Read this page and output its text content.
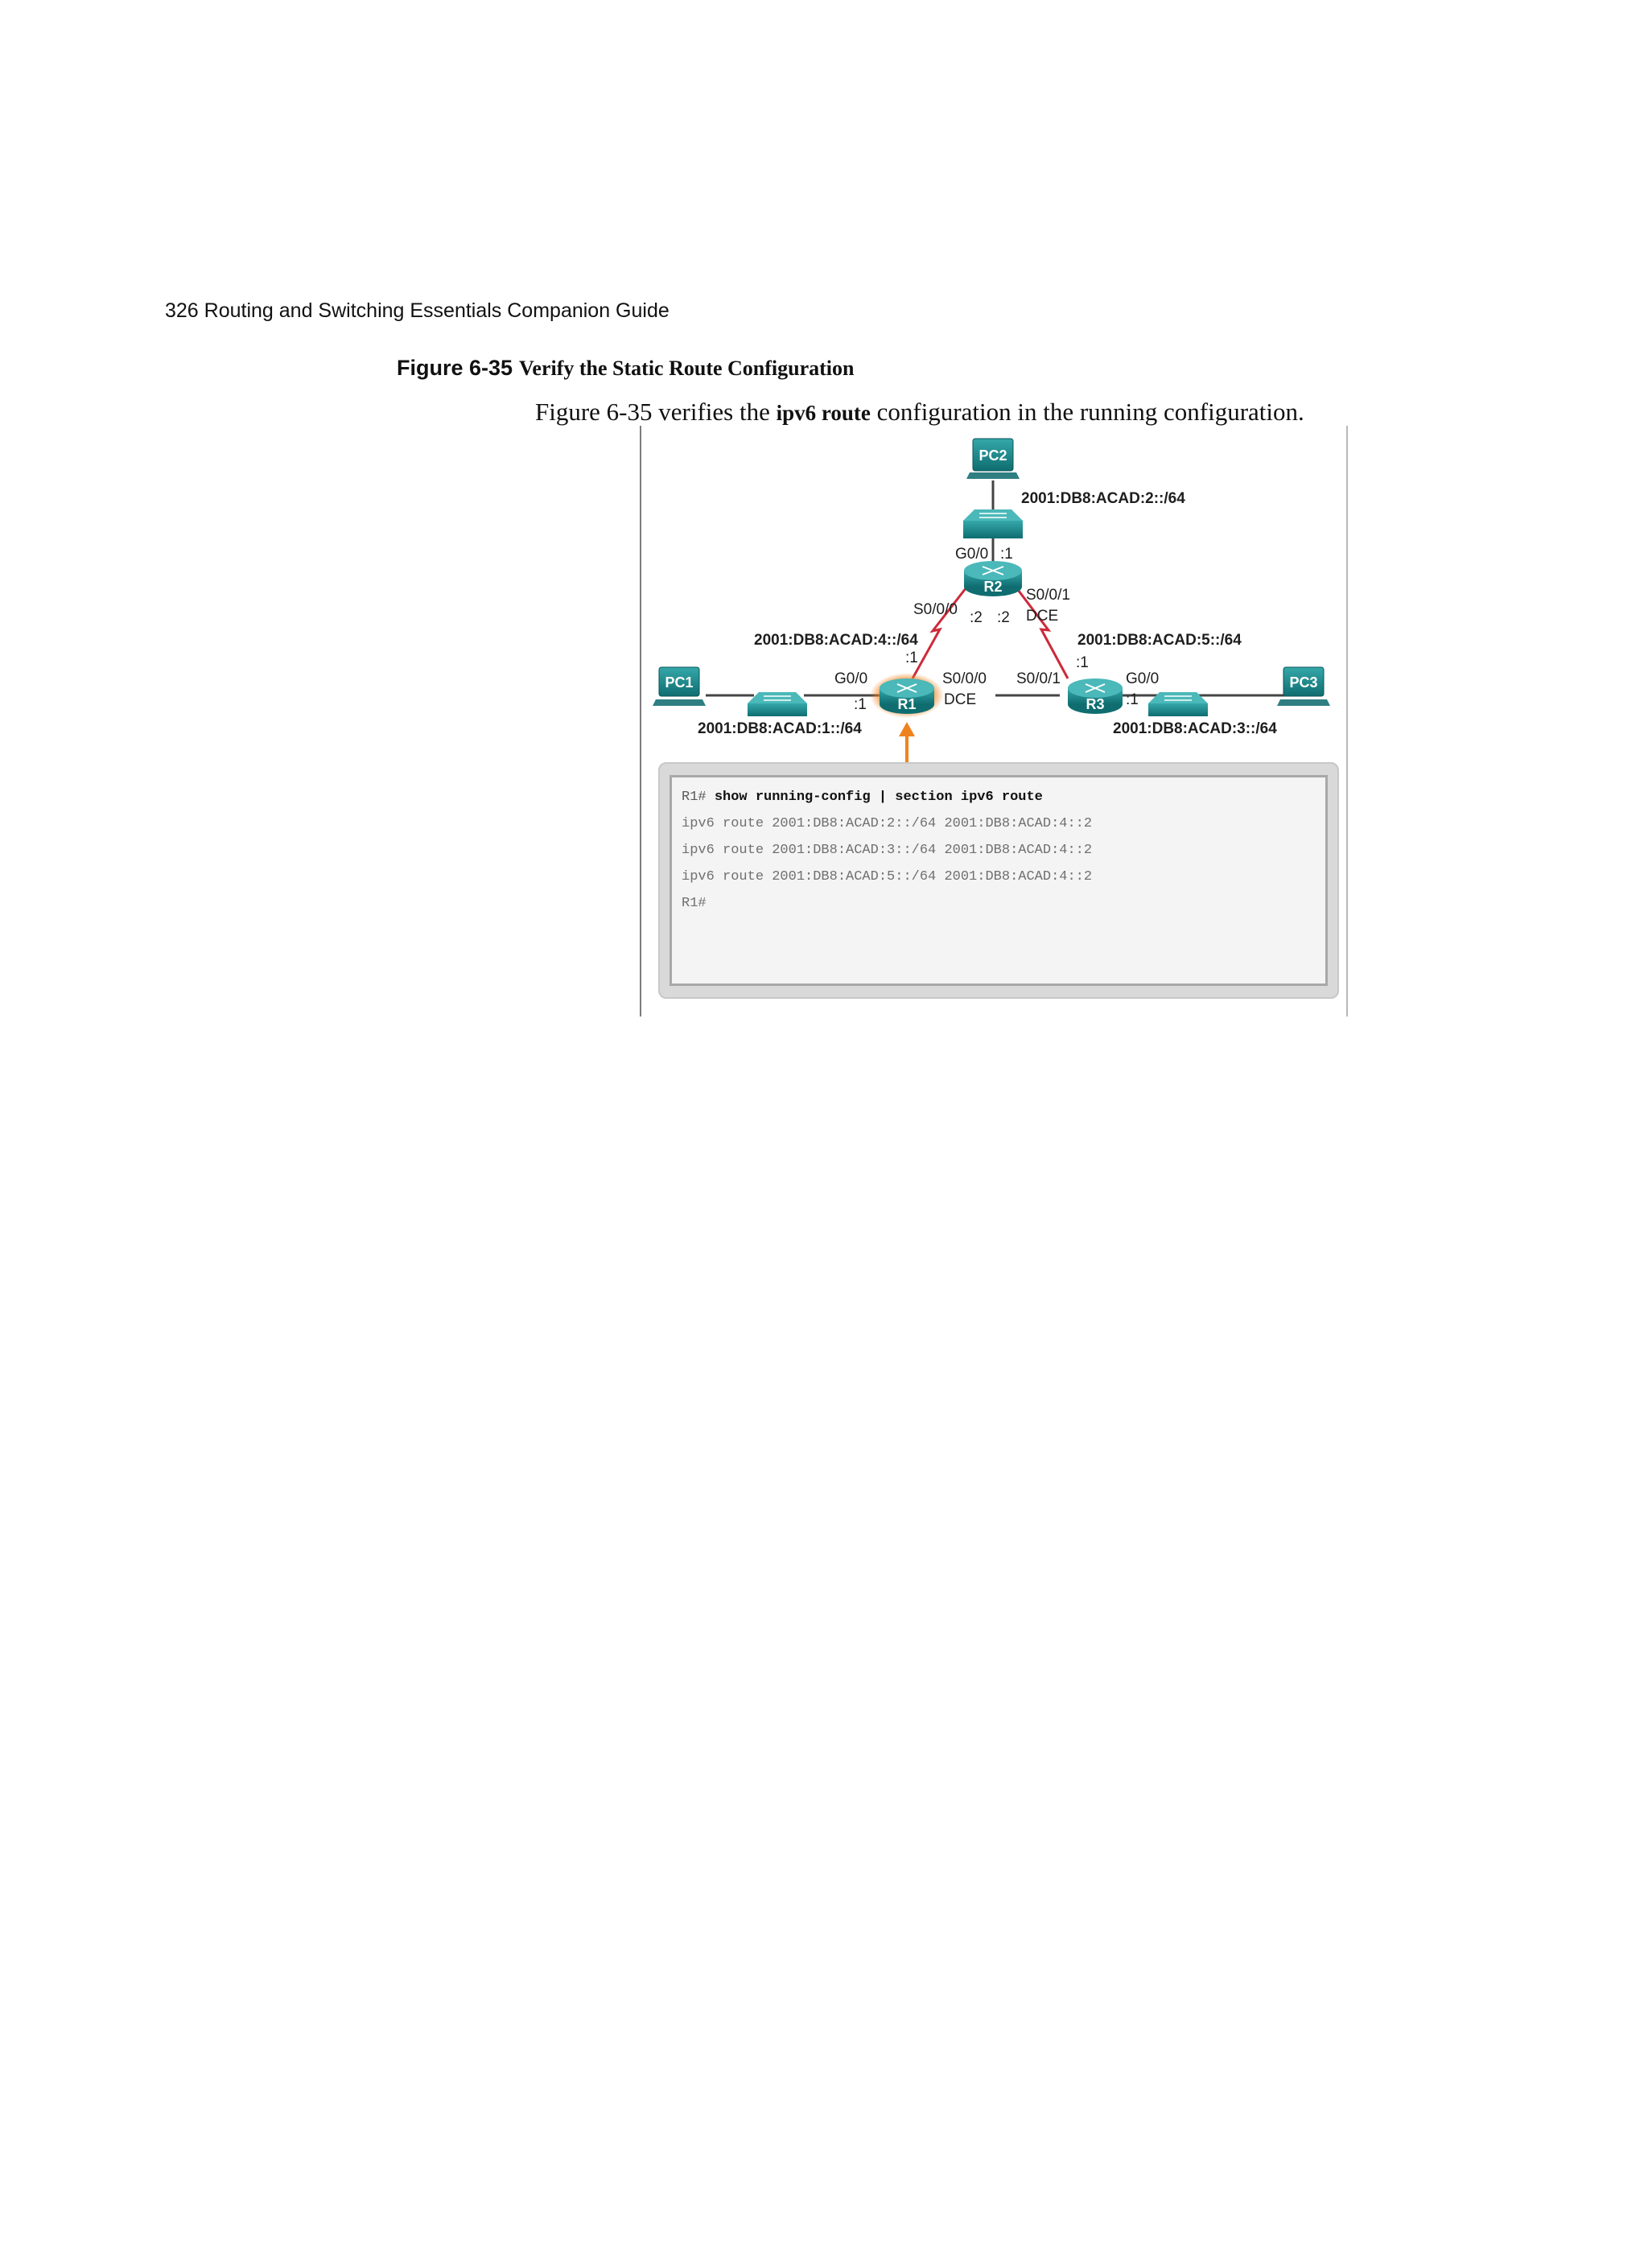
326 Routing and Switching Essentials Companion Guide
Figure 6-35 Verify the Static Route Configuration
Figure 6-35 verifies the ipv6 route configuration in the running configuration.
PC2
R2
PC1
R1	R3
PC3
2001:DB8:ACAD:2::/64
G0/0 :1
S0/0/0 :2
S0/0/1
:2 DCE
2001:DB8:ACAD:4::/64	2001:DB8:ACAD:5::/64
:1
G0/0
:1
S0/0/0
DCE
S0/0/1
:1
G0/0
:1
2001:DB8:ACAD:1::/64	2001:DB8:ACAD:3::/64
R1# show running-config | section ipv6 route
ipv6 route 2001:DB8:ACAD:2::/64 2001:DB8:ACAD:4::2
ipv6 route 2001:DB8:ACAD:3::/64 2001:DB8:ACAD:4::2
ipv6 route 2001:DB8:ACAD:5::/64 2001:DB8:ACAD:4::2
R1#
